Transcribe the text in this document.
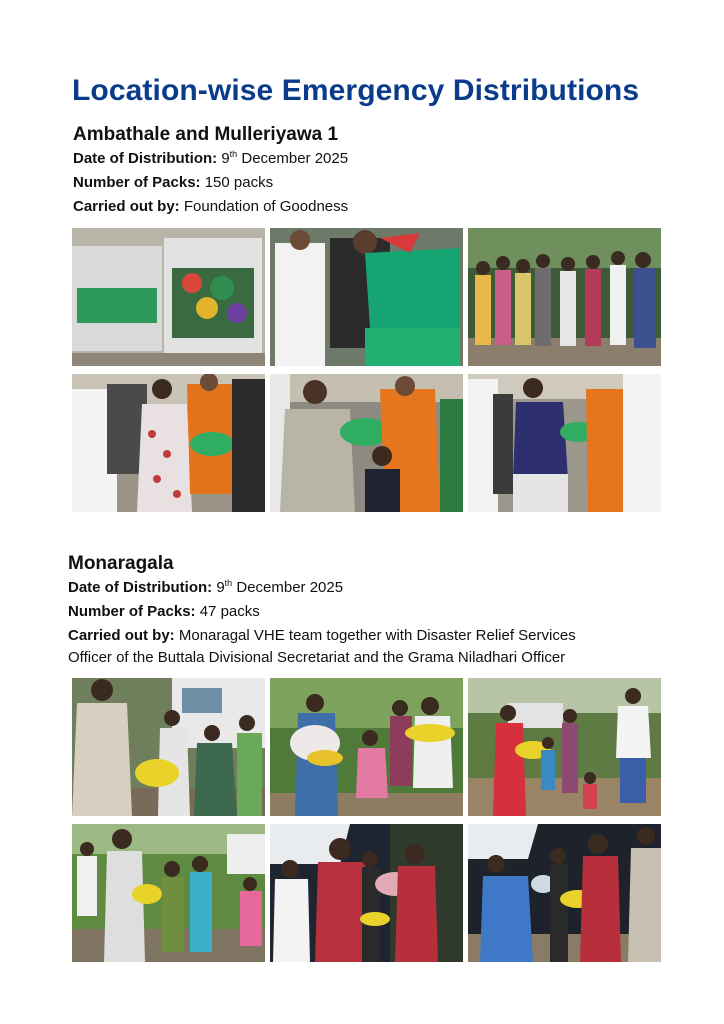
Location-wise Emergency Distributions
Ambathale and Mulleriyawa 1
Date of Distribution: 9th December 2025
Number of Packs: 150 packs
Carried out by: Foundation of Goodness
Monaragala
Date of Distribution: 9th December 2025
Number of Packs: 47 packs
Carried out by: Monaragal VHE team together with Disaster Relief Services
Officer of the Buttala Divisional Secretariat and the Grama Niladhari Officer
